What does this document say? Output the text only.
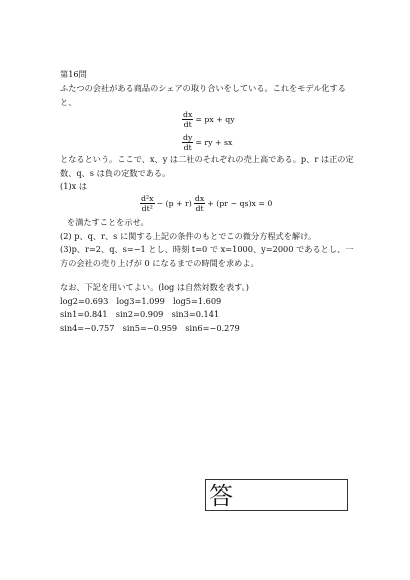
第16問
ふたつの会社がある商品のシェアの取り合いをしている。これをモデル化すると、
$\frac{dx}{dt}$ = px + qy
$\frac{dy}{dt}$ = ry + sx
となるという。ここで、x、y は二社のそれぞれの売上高である。p、r は正の定数、q、s は負の定数である。
(1)x は
$\frac{\text{d²x}}{\text{dt²}} - (p + r) \frac{dx}{dt} + (pr - qs)x = 0$
を満たすことを示せ。
(2) p、q、r、s に関する上記の条件のもとでこの微分方程式を解け。
(3)p、r=2、q、s=−1 とし、時刻 t=0 で x=1000、y=2000 であるとし、一方の会社の売り上げが 0 になるまでの時間を求めよ。
なお、下記を用いてよい。(log は自然対数を表す。)
log2=0.693　log3=1.099　log5=1.609
sin1=0.841　sin2=0.909　sin3=0.141
sin4=−0.757　sin5=−0.959　sin6=−0.279
答
